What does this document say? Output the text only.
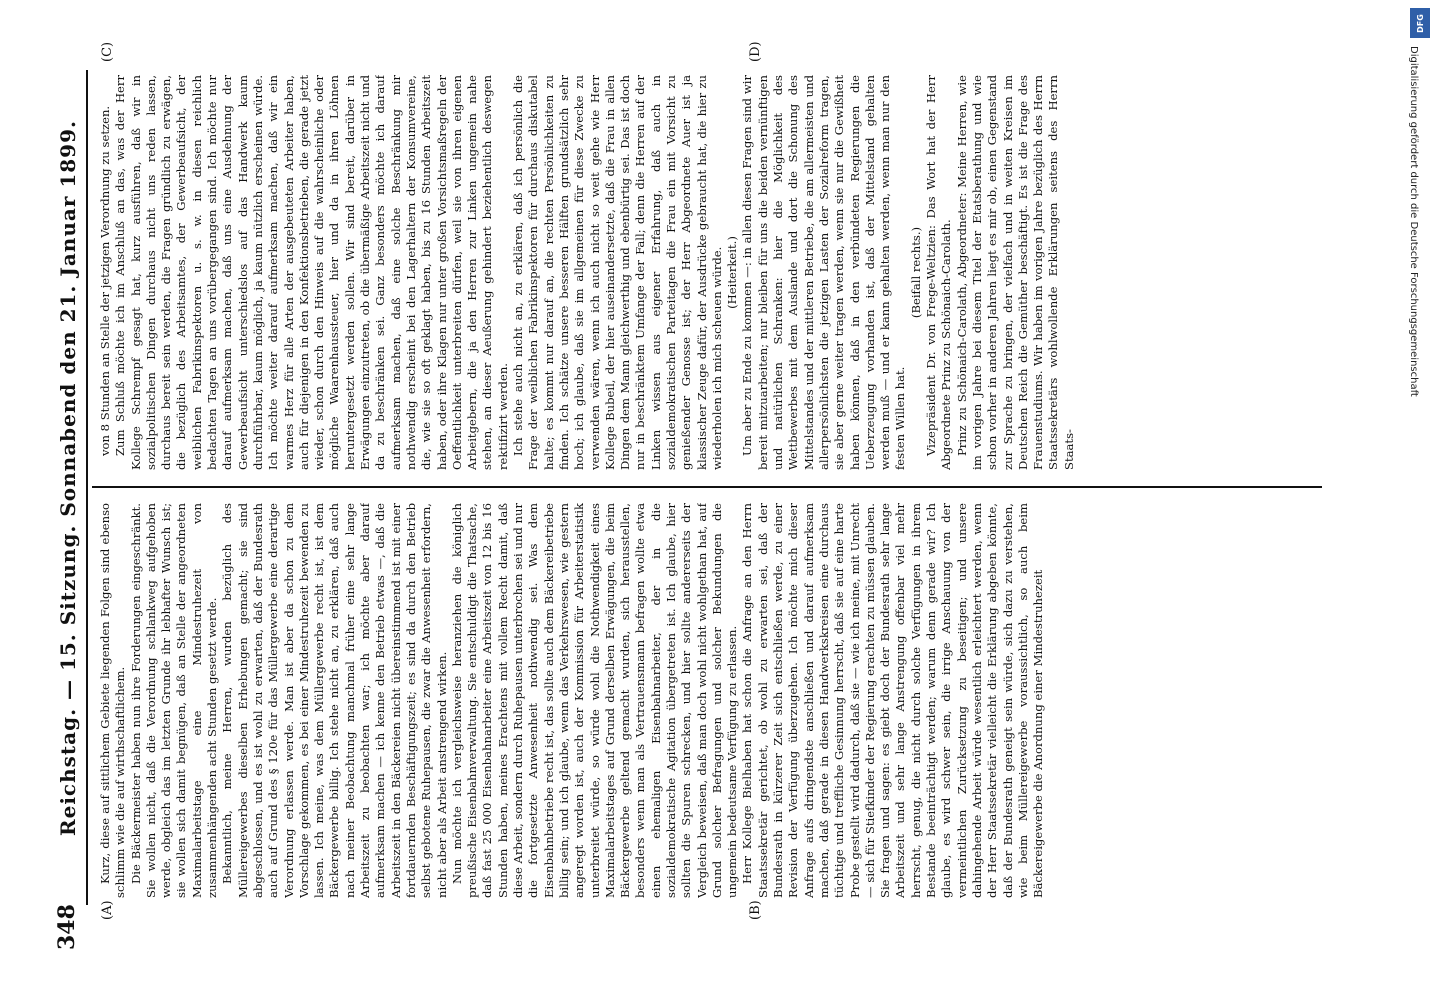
348
Reichstag. — 15. Sitzung. Sonnabend den 21. Januar 1899.
(A)	(B)
(C)	(D)

Kurz, diese auf sittlichem Gebiete liegenden Folgen sind ebenso schlimm wie die auf wirthschaftlichem. Die Bäckermeister haben nun ihre Forderungen eingeschränkt. Sie wollen nicht, daß die Verordnung schlankweg aufgehoben werde, obgleich das im letzten Grunde ihr lebhafter Wunsch ist; sie wollen sich damit begnügen, daß an Stelle der angeordneten Maximalarbeitstage eine Mindestruhezeit von zusammenhängenden acht Stunden gesetzt werde. Bekanntlich, meine Herren, wurden bezüglich des Müllereigewerbes dieselben Erhebungen gemacht; sie sind abgeschlossen, und es ist wohl zu erwarten, daß der Bundesrath auch auf Grund des § 120e für das Müllergewerbe eine derartige Verordnung erlassen werde. Man ist aber da schon zu dem Vorschlage gekommen, es bei einer Mindestruhezeit bewenden zu lassen. Ich meine, was dem Müllergewerbe recht ist, ist dem Bäckergewerbe billig. Ich stehe nicht an, zu erklären, daß auch nach meiner Beobachtung manchmal früher eine sehr lange Arbeitszeit zu beobachten war; ich möchte aber darauf aufmerksam machen — ich kenne den Betrieb etwas —, daß die Arbeitszeit in den Bäckereien nicht übereinstimmend ist mit einer fortdauernden Beschäftigungszeit; es sind da durch den Betrieb selbst gebotene Ruhepausen, die zwar die Anwesenheit erfordern, nicht aber als Arbeit anstrengend wirken. Nun möchte ich vergleichsweise heranziehen die königlich preußische Eisenbahnverwaltung. Sie entschuldigt die Thatsache, daß fast 25 000 Eisenbahnarbeiter eine Arbeitszeit von 12 bis 16 Stunden haben, meines Erachtens mit vollem Recht damit, daß diese Arbeit, sondern durch Ruhepausen unterbrochen sei und nur die fortgesetzte Anwesenheit nothwendig sei. Was dem Eisenbahnbetriebe recht ist, das sollte auch dem Bäckereibetriebe billig sein; und ich glaube, wenn das Verkehrswesen, wie gestern angeregt worden ist, auch der Kommission für Arbeiterstatistik unterbreitet würde, so würde wohl die Nothwendigkeit eines Maximalarbeitstages auf Grund derselben Erwägungen, die beim Bäckergewerbe geltend gemacht wurden, sich herausstellen, besonders wenn man als Vertrauensmann befragen wollte etwa einen ehemaligen Eisenbahnarbeiter, der in die sozialdemokratische Agitation übergetreten ist. Ich glaube, hier sollten die Spuren schrecken, und hier sollte andererseits der Vergleich beweisen, daß man doch wohl nicht wohlgethan hat, auf Grund solcher Befragungen und solcher Bekundungen die ungemein bedeutsame Verfügung zu erlassen. Herr Kollege Bielhaben hat schon die Anfrage an den Herrn Staatssekretär gerichtet, ob wohl zu erwarten sei, daß der Bundesrath in kürzerer Zeit sich entschließen werde, zu einer Revision der Verfügung überzugehen. Ich möchte mich dieser Anfrage aufs dringendste anschließen und darauf aufmerksam machen, daß gerade in diesen Handwerkskreisen eine durchaus tüchtige und treffliche Gesinnung herrscht, daß sie auf eine harte Probe gestellt wird dadurch, daß sie — wie ich meine, mit Unrecht — sich für Stiefkinder der Regierung erachten zu müssen glauben. Sie fragen und sagen: es giebt doch der Bundesrath sehr lange Arbeitszeit und sehr lange Anstrengung offenbar viel mehr herrscht, genug, die nicht durch solche Verfügungen in ihrem Bestande beeinträchtigt werden; warum denn gerade wir? Ich glaube, es wird schwer sein, die irrige Anschauung von der vermeintlichen Zurücksetzung zu beseitigen; und unsere dahingehende Arbeit würde wesentlich erleichtert werden, wenn der Herr Staatssekretär vielleicht die Erklärung abgeben könnte, daß der Bundesrath geneigt sein würde, sich dazu zu verstehen, wie beim Müllereigewerbe voraussichtlich, so auch beim Bäckereigewerbe die Anordnung einer Mindestruhezeit

von 8 Stunden an Stelle der jetzigen Verordnung zu setzen. Zum Schluß möchte ich im Anschluß an das, was der Herr Kollege Schrempf gesagt hat, kurz ausführen, daß wir in sozialpolitischen Dingen durchaus nicht uns reden lassen, durchaus bereit sein werden, die Fragen gründlich zu erwägen, die bezüglich des Arbeitsamtes, der Gewerbeaufsicht, der weiblichen Fabrikinspektoren u. s. w. in diesen reichlich bedachten Tagen an uns vorübergegangen sind. Ich möchte nur darauf aufmerksam machen, daß uns eine Ausdehnung der Gewerbeaufsicht unterschiedslos auf das Handwerk kaum durchführbar, kaum möglich, ja kaum nützlich erscheinen würde. Ich möchte weiter darauf aufmerksam machen, daß wir ein warmes Herz für alle Arten der ausgebeuteten Arbeiter haben, auch für diejenigen in den Konfektionsbetrieben, die gerade jetzt wieder, schon durch den Hinweis auf die wahrscheinliche oder mögliche Waarenhaussteuer, hier und da in ihren Löhnen heruntergesetzt werden sollen. Wir sind bereit, darüber in Erwägungen einzutreten, ob die übermäßige Arbeitszeit nicht und da zu beschränken sei. Ganz besonders möchte ich darauf aufmerksam machen, daß eine solche Beschränkung mir nothwendig erscheint bei den Lagerhaltern der Konsumvereine, die, wie sie so oft geklagt haben, bis zu 16 Stunden Arbeitszeit haben, oder ihre Klagen nur unter großen Vorsichtsmaßregeln der Oeffentlichkeit unterbreiten dürfen, weil sie von ihren eigenen Arbeitgebern, die ja den Herren zur Linken ungemein nahe stehen, an dieser Aeußerung gehindert beziehentlich deswegen rektifizirt werden. Ich stehe auch nicht an, zu erklären, daß ich persönlich die Frage der weiblichen Fabrikinspektoren für durchaus diskutabel halte; es kommt nur darauf an, die rechten Persönlichkeiten zu finden. Ich schätze unsere besseren Hälften grundsätzlich sehr hoch; ich glaube, daß sie im allgemeinen für diese Zwecke zu verwenden wären, wenn ich auch nicht so weit gehe wie Herr Kollege Bubeil, der hier auseinandersetzte, daß die Frau in allen Dingen dem Mann gleichwerthig und ebenbürtig sei. Das ist doch nur in beschränktem Umfange der Fall; denn die Herren auf der Linken wissen aus eigener Erfahrung, daß auch in sozialdemokratischen Parteitagen die Frau ein mit Vorsicht zu genießender Genosse ist; der Herr Abgeordnete Auer ist ja klassischer Zeuge dafür, der Ausdrücke gebraucht hat, die hier zu wiederholen ich mich scheuen würde. (Heiterkeit.) Um aber zu Ende zu kommen —: in allen diesen Fragen sind wir bereit mitzuarbeiten; nur bleiben für uns die beiden vernünftigen und natürlichen Schranken: hier die Möglichkeit des Wettbewerbes mit dem Auslande und dort die Schonung des Mittelstandes und der mittleren Betriebe, die am allermeisten und allerpersönlichsten die jetzigen Lasten der Sozialreform tragen, sie aber gerne weiter tragen werden, wenn sie nur die Gewißheit haben können, daß in den verbündeten Regierungen die Ueberzeugung vorhanden ist, daß der Mittelstand gehalten werden muß — und er kann gehalten werden, wenn man nur den festen Willen hat.

(Beifall rechts.) Vizepräsident Dr. von Frege-Weltzien: Das Wort hat der Herr Abgeordnete Prinz zu Schönaich-Carolath. Prinz zu Schönaich-Carolath, Abgeordneter: Meine Herren, wie im vorigen Jahre bei diesem Titel der Etatsberathung und wie schon vorher in anderen Jahren liegt es mir ob, einen Gegenstand zur Sprache zu bringen, der vielfach und in weiten Kreisen im Deutschen Reich die Gemüther beschäftigt. Es ist die Frage des Frauenstudiums. Wir haben im vorigen Jahre bezüglich des Herrn Staatssekretärs wohlwollende Erklärungen seitens des Herrn Staats-

DFG
Digitalisierung gefördert durch die Deutsche Forschungsgemeinschaft
